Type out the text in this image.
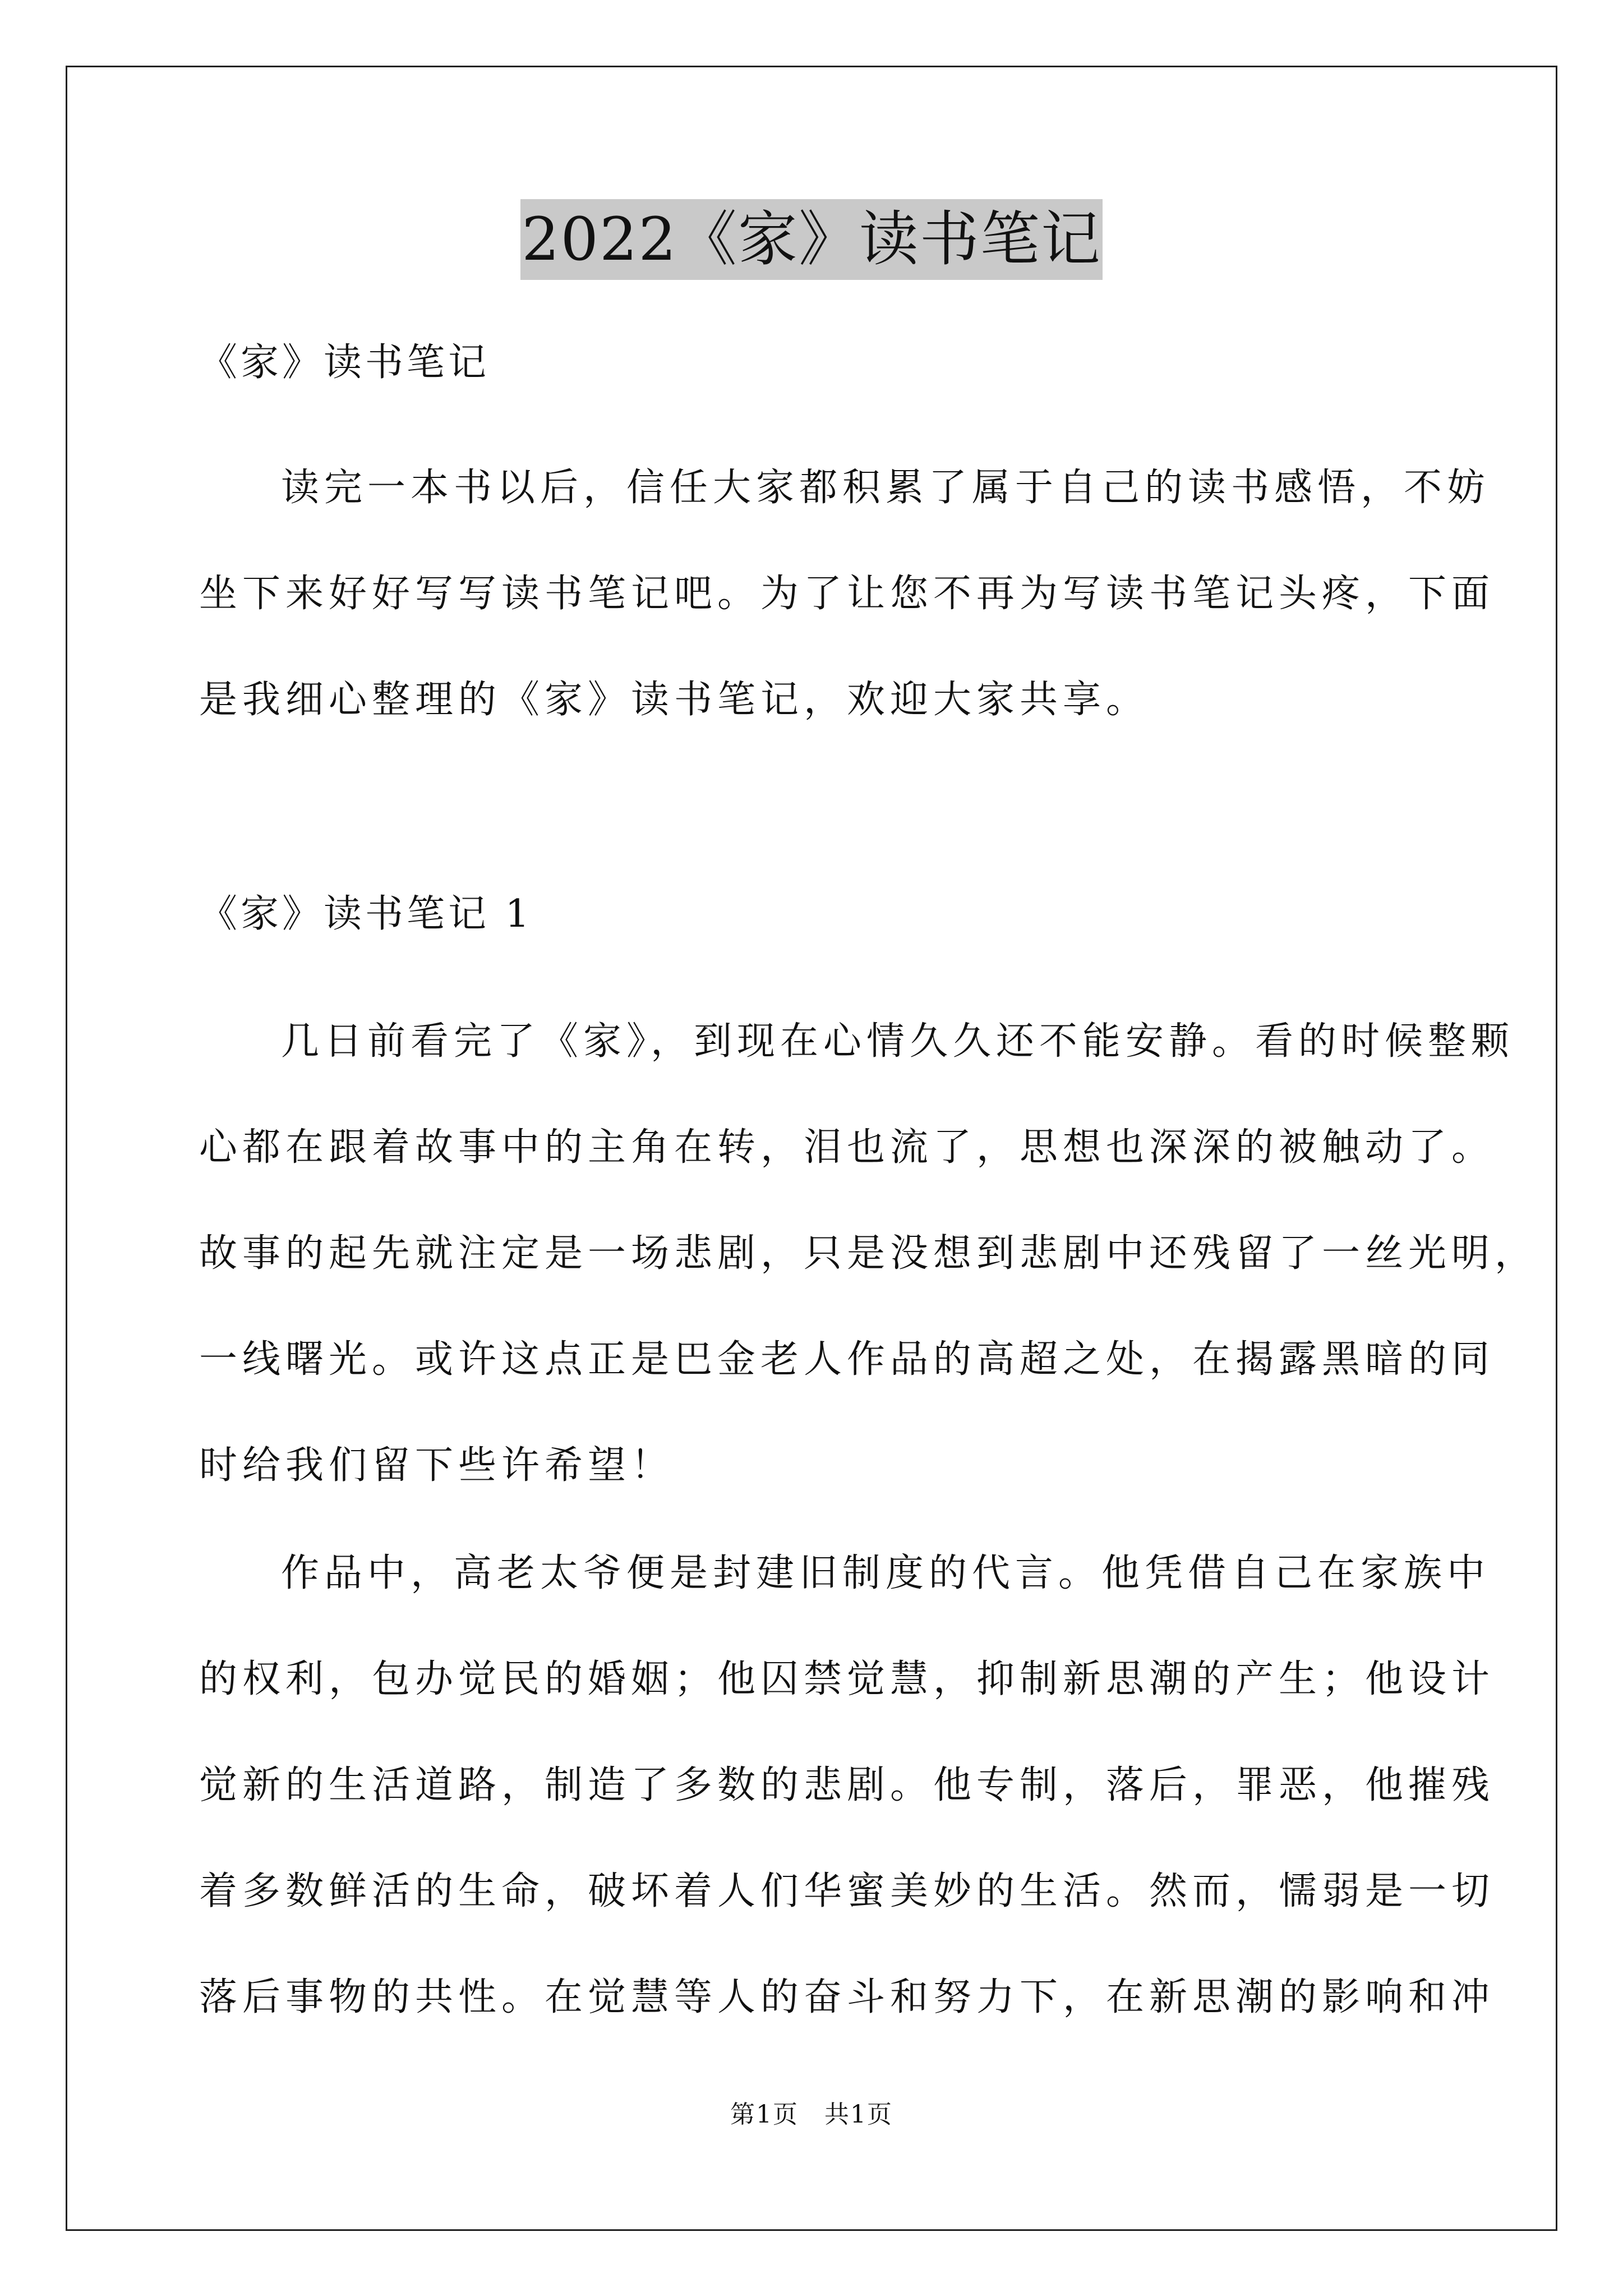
2022《家》读书笔记
《家》读书笔记
读完一本书以后，信任大家都积累了属于自己的读书感悟，不妨
坐下来好好写写读书笔记吧。为了让您不再为写读书笔记头疼，下面
是我细心整理的《家》读书笔记，欢迎大家共享。
《家》读书笔记 1
几日前看完了《家》，到现在心情久久还不能安静。看的时候整颗
心都在跟着故事中的主角在转，泪也流了，思想也深深的被触动了。
故事的起先就注定是一场悲剧，只是没想到悲剧中还残留了一丝光明，
一线曙光。或许这点正是巴金老人作品的高超之处，在揭露黑暗的同
时给我们留下些许希望！
作品中，高老太爷便是封建旧制度的代言。他凭借自己在家族中
的权利，包办觉民的婚姻；他囚禁觉慧，抑制新思潮的产生；他设计
觉新的生活道路，制造了多数的悲剧。他专制，落后，罪恶，他摧残
着多数鲜活的生命，破坏着人们华蜜美妙的生活。然而，懦弱是一切
落后事物的共性。在觉慧等人的奋斗和努力下，在新思潮的影响和冲
第1页　共1页
